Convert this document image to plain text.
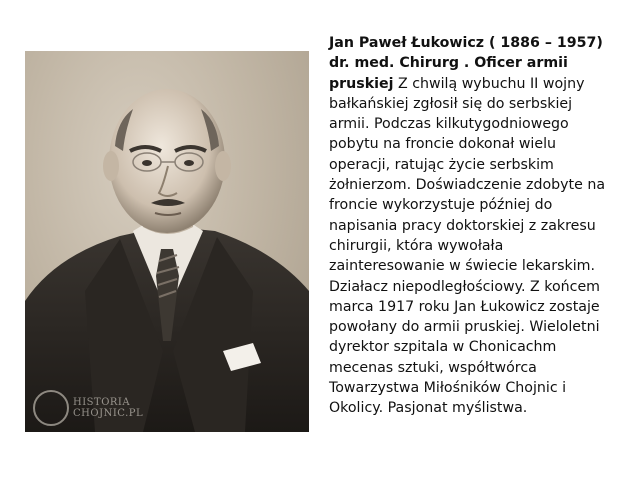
HISTORIA
CHOJNIC.PL
Jan Paweł Łukowicz ( 1886 – 1957)
dr. med. Chirurg . Oficer armii
pruskiej Z chwilą wybuchu II wojny
bałkańskiej zgłosił się do serbskiej
armii. Podczas kilkutygodniowego
pobytu na froncie dokonał wielu
operacji, ratując życie serbskim
żołnierzom. Doświadczenie zdobyte na
froncie wykorzystuje później do
napisania pracy doktorskiej z zakresu
chirurgii, która wywołała
zainteresowanie w świecie lekarskim.
Działacz niepodległościowy. Z końcem
marca 1917 roku Jan Łukowicz zostaje
powołany do armii pruskiej. Wieloletni
dyrektor szpitala w Chonicachm
mecenas sztuki, współtwórca
Towarzystwa Miłośników Chojnic i
Okolicy. Pasjonat myślistwa.
